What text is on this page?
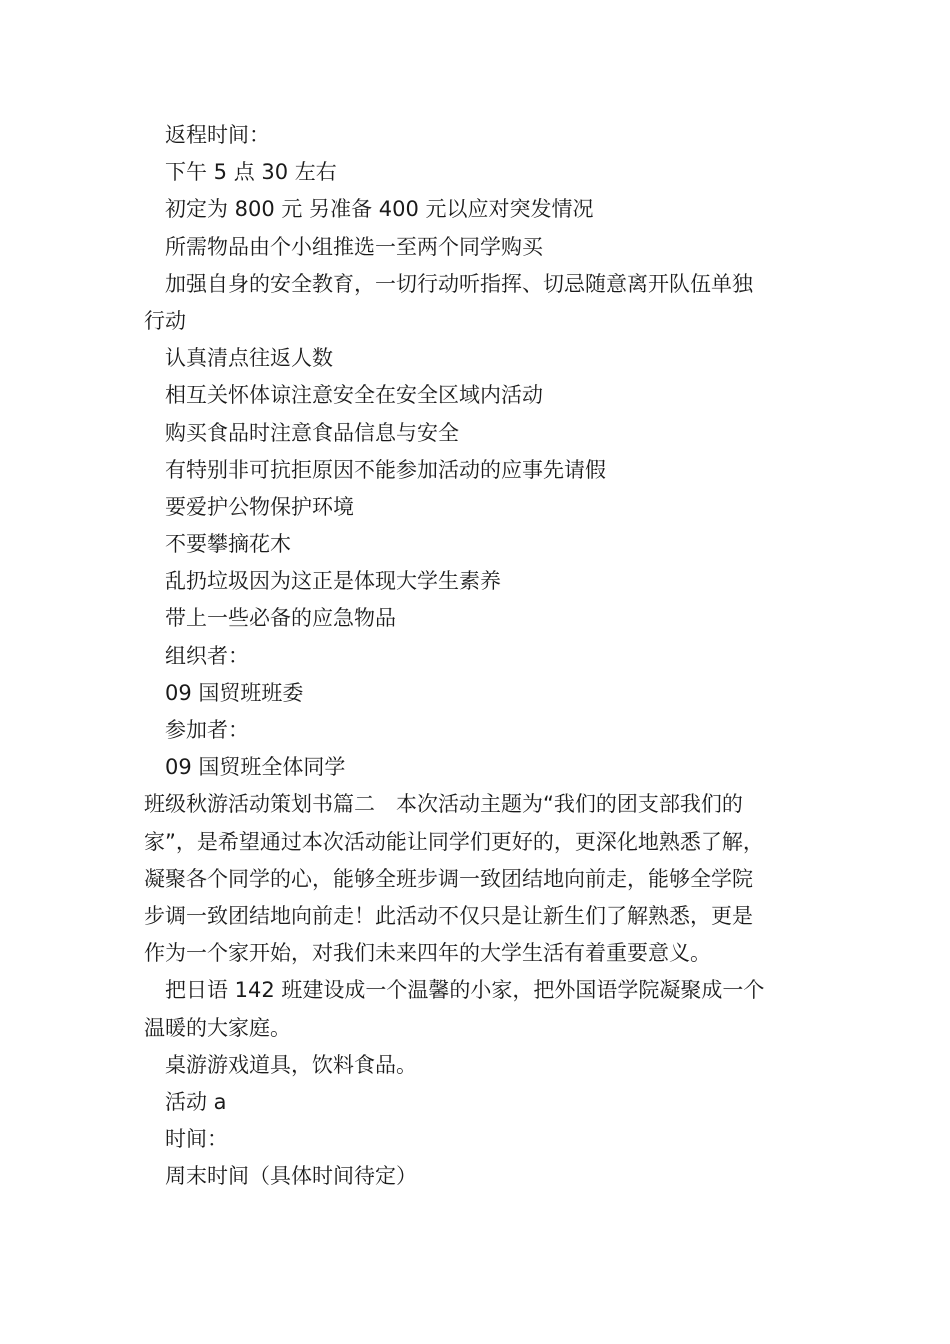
返程时间：
下午 5 点 30 左右
初定为 800 元 另准备 400 元以应对突发情况
所需物品由个小组推选一至两个同学购买
加强自身的安全教育，一切行动听指挥、切忌随意离开队伍单独
行动
认真清点往返人数
相互关怀体谅注意安全在安全区域内活动
购买食品时注意食品信息与安全
有特别非可抗拒原因不能参加活动的应事先请假
要爱护公物保护环境
不要攀摘花木
乱扔垃圾因为这正是体现大学生素养
带上一些必备的应急物品
组织者：
09 国贸班班委
参加者：
09 国贸班全体同学
班级秋游活动策划书篇二　本次活动主题为“我们的团支部我们的
家”，是希望通过本次活动能让同学们更好的，更深化地熟悉了解，
凝聚各个同学的心，能够全班步调一致团结地向前走，能够全学院
步调一致团结地向前走！此活动不仅只是让新生们了解熟悉，更是
作为一个家开始，对我们未来四年的大学生活有着重要意义。
把日语 142 班建设成一个温馨的小家，把外国语学院凝聚成一个
温暖的大家庭。
桌游游戏道具，饮料食品。
活动 a
时间：
周末时间（具体时间待定）
